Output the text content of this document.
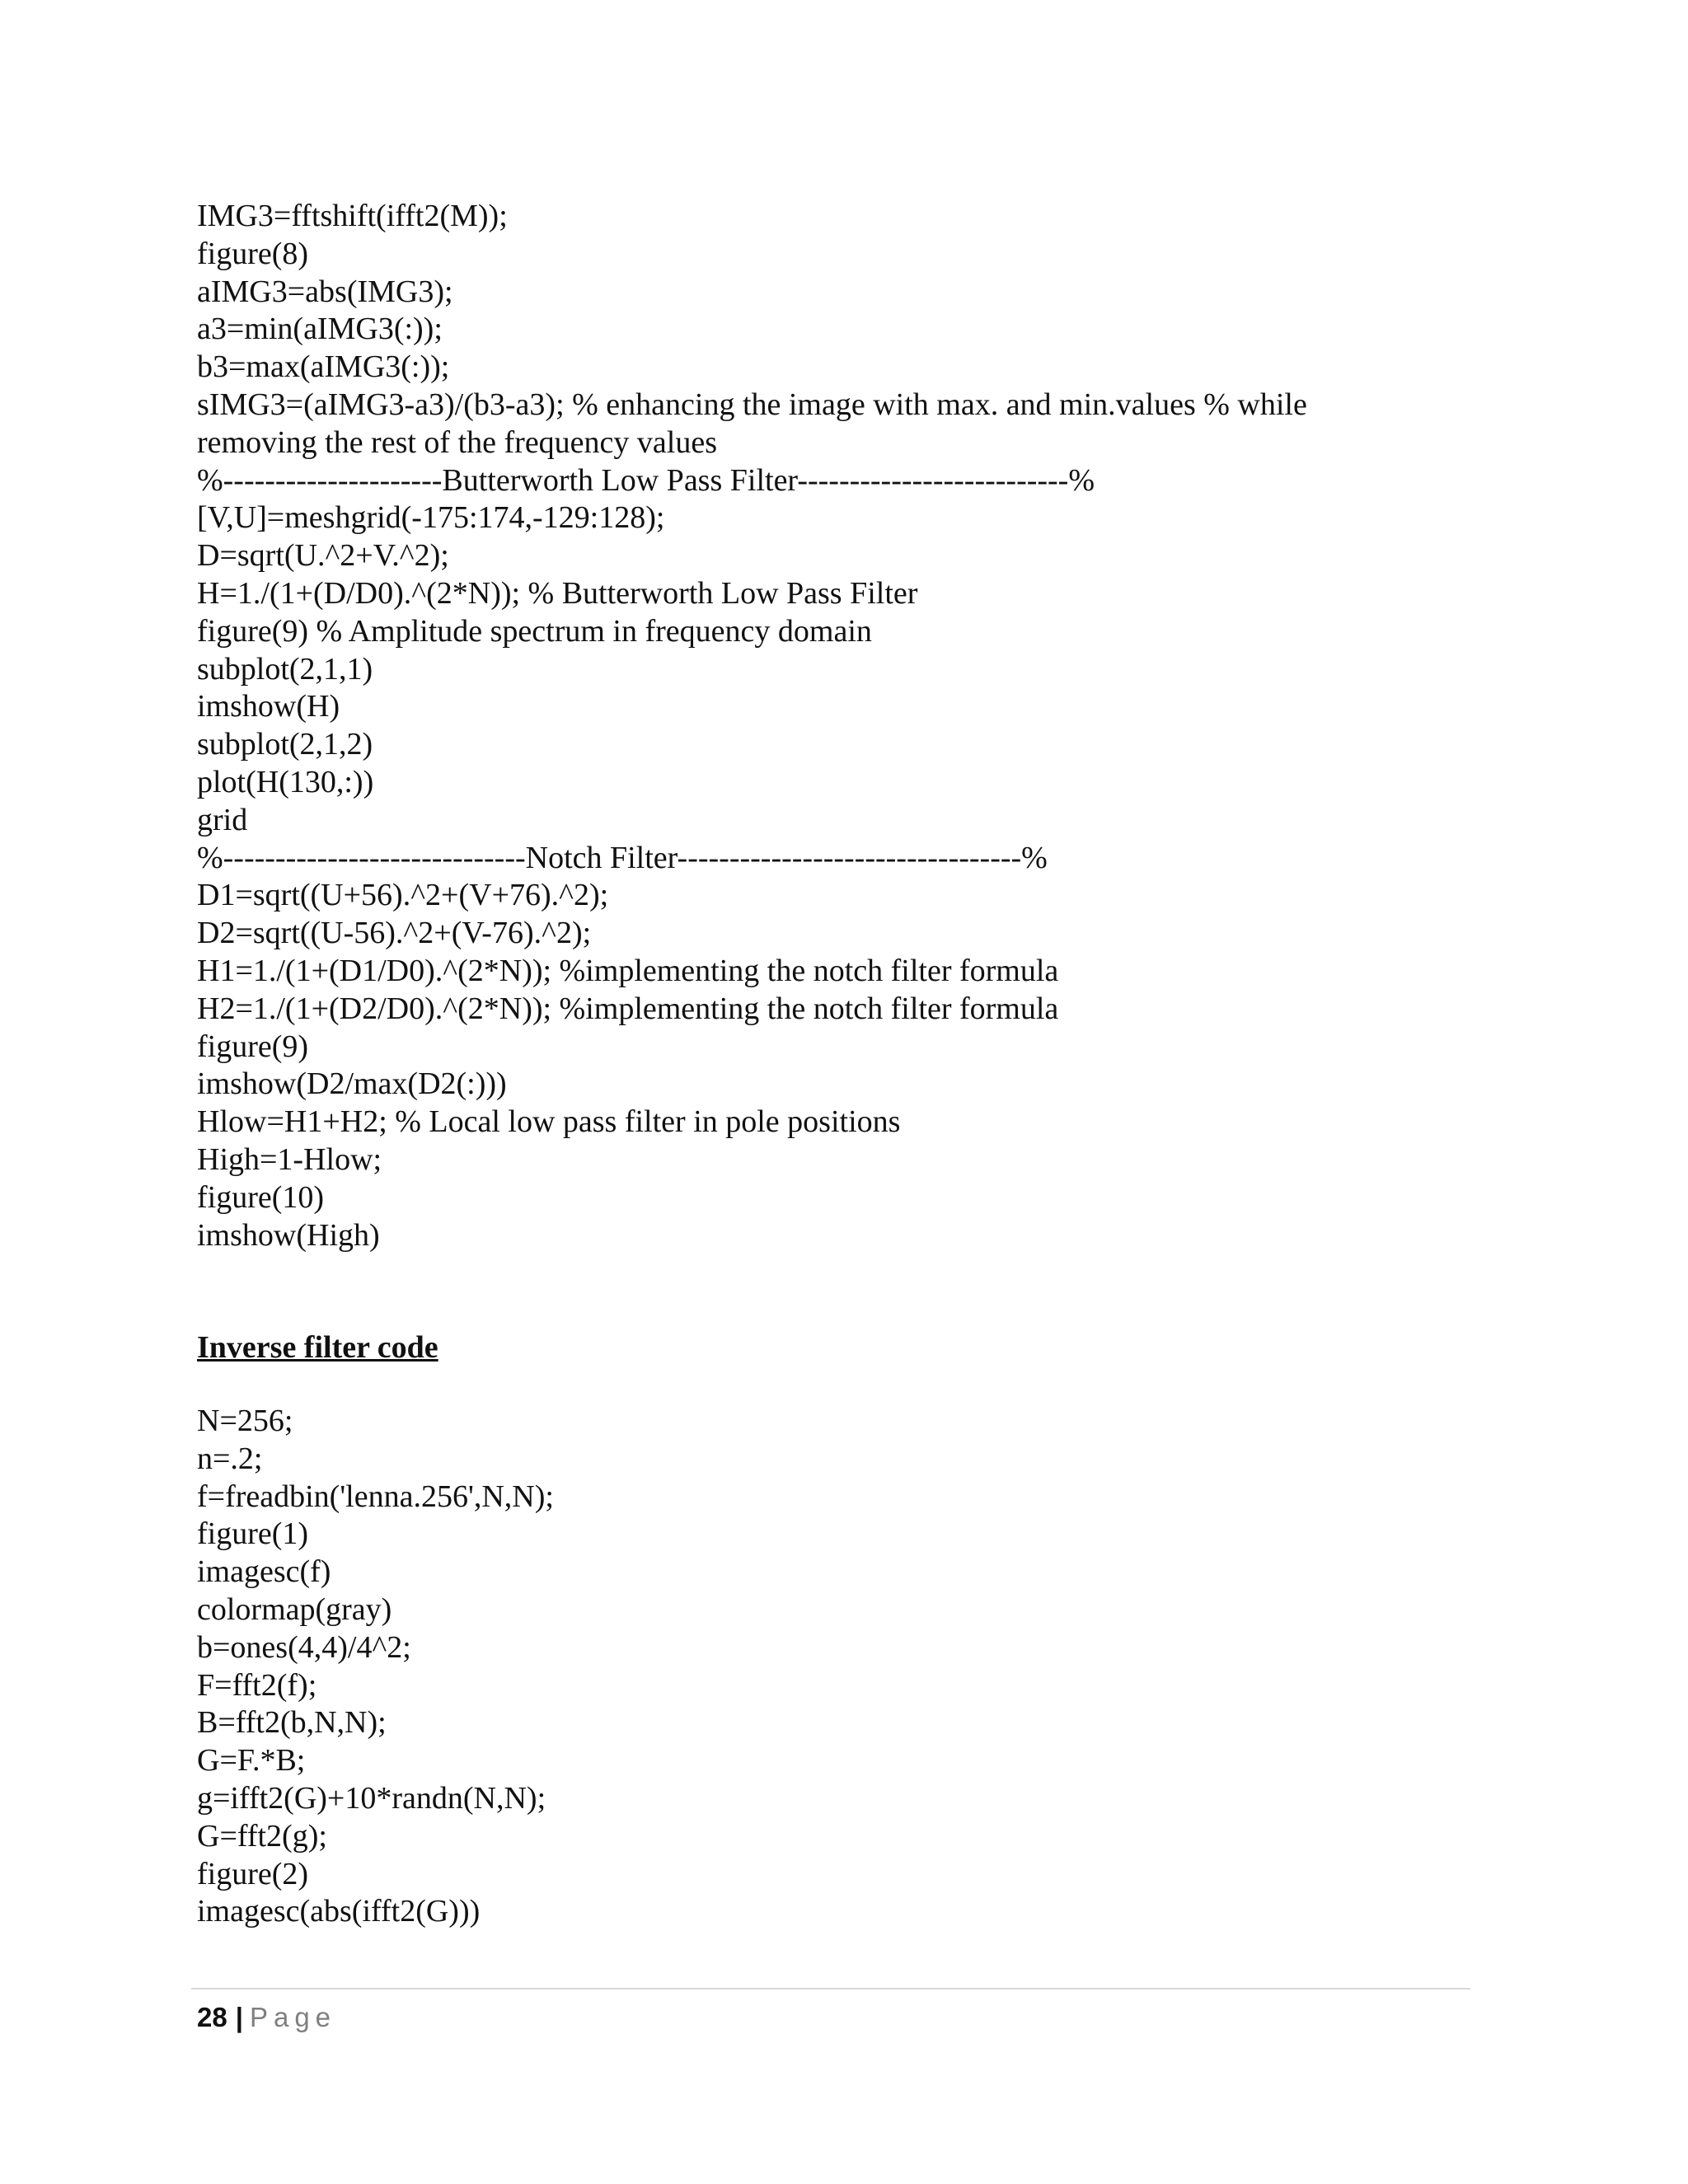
IMG3=fftshift(ifft2(M));
figure(8)
aIMG3=abs(IMG3);
a3=min(aIMG3(:));
b3=max(aIMG3(:));
sIMG3=(aIMG3-a3)/(b3-a3); % enhancing the image with max. and min.values % while
removing the rest of the frequency values
%---------------------Butterworth Low Pass Filter--------------------------%
[V,U]=meshgrid(-175:174,-129:128);
D=sqrt(U.^2+V.^2);
H=1./(1+(D/D0).^(2*N)); % Butterworth Low Pass Filter
figure(9) % Amplitude spectrum in frequency domain
subplot(2,1,1)
imshow(H)
subplot(2,1,2)
plot(H(130,:))
grid
%-----------------------------Notch Filter---------------------------------%
D1=sqrt((U+56).^2+(V+76).^2);
D2=sqrt((U-56).^2+(V-76).^2);
H1=1./(1+(D1/D0).^(2*N)); %implementing the notch filter formula
H2=1./(1+(D2/D0).^(2*N)); %implementing the notch filter formula
figure(9)
imshow(D2/max(D2(:)))
Hlow=H1+H2; % Local low pass filter in pole positions
High=1-Hlow;
figure(10)
imshow(High)
Inverse filter code
N=256;
n=.2;
f=freadbin('lenna.256',N,N);
figure(1)
imagesc(f)
colormap(gray)
b=ones(4,4)/4^2;
F=fft2(f);
B=fft2(b,N,N);
G=F.*B;
g=ifft2(G)+10*randn(N,N);
G=fft2(g);
figure(2)
imagesc(abs(ifft2(G)))
28 | Page
